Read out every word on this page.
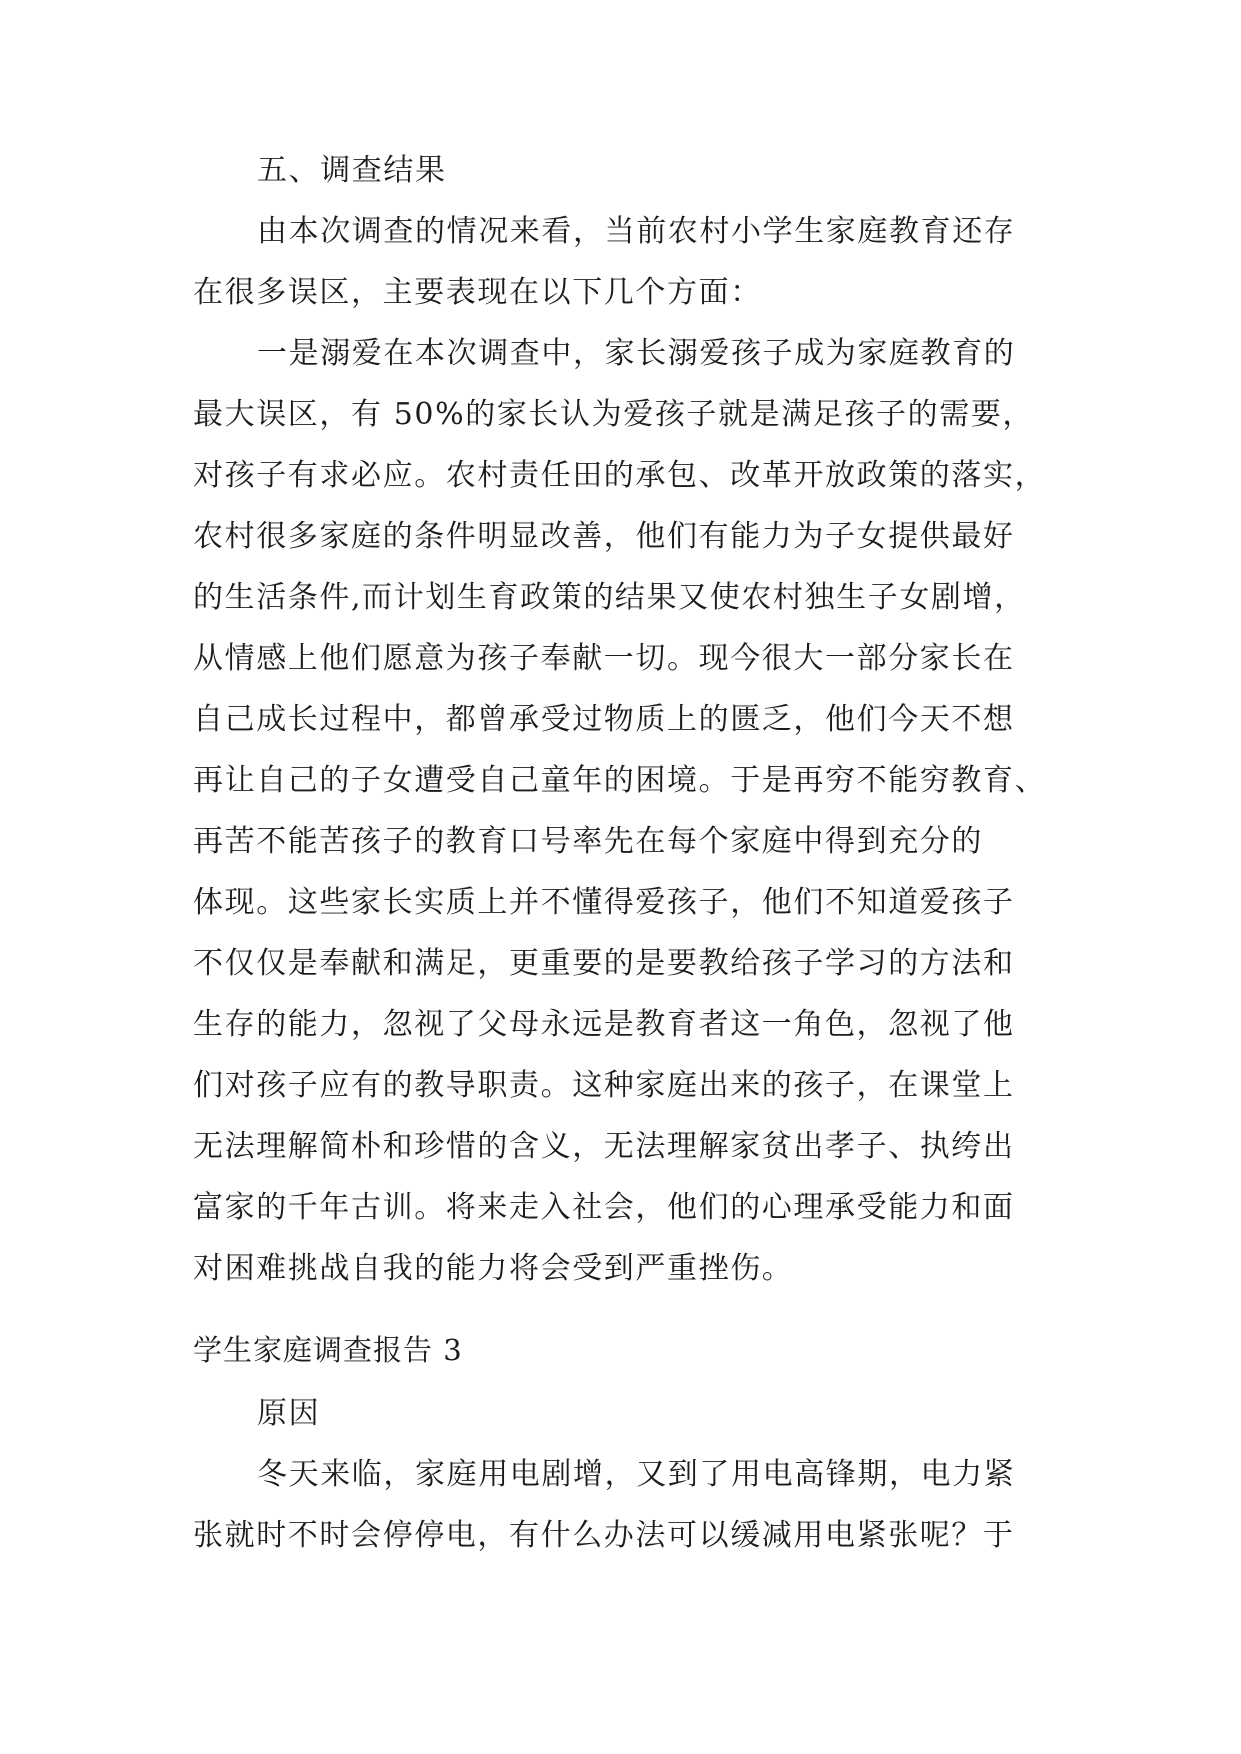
五、调查结果
由本次调查的情况来看，当前农村小学生家庭教育还存
在很多误区，主要表现在以下几个方面：
一是溺爱在本次调查中，家长溺爱孩子成为家庭教育的
最大误区，有 50%的家长认为爱孩子就是满足孩子的需要，
对孩子有求必应。农村责任田的承包、改革开放政策的落实，
农村很多家庭的条件明显改善，他们有能力为子女提供最好
的生活条件,而计划生育政策的结果又使农村独生子女剧增，
从情感上他们愿意为孩子奉献一切。现今很大一部分家长在
自己成长过程中，都曾承受过物质上的匮乏，他们今天不想
再让自己的子女遭受自己童年的困境。于是再穷不能穷教育、
再苦不能苦孩子的教育口号率先在每个家庭中得到充分的
体现。这些家长实质上并不懂得爱孩子，他们不知道爱孩子
不仅仅是奉献和满足，更重要的是要教给孩子学习的方法和
生存的能力，忽视了父母永远是教育者这一角色，忽视了他
们对孩子应有的教导职责。这种家庭出来的孩子，在课堂上
无法理解简朴和珍惜的含义，无法理解家贫出孝子、执绔出
富家的千年古训。将来走入社会，他们的心理承受能力和面
对困难挑战自我的能力将会受到严重挫伤。
学生家庭调查报告 3
原因
冬天来临，家庭用电剧增，又到了用电高锋期，电力紧
张就时不时会停停电，有什么办法可以缓减用电紧张呢？于
